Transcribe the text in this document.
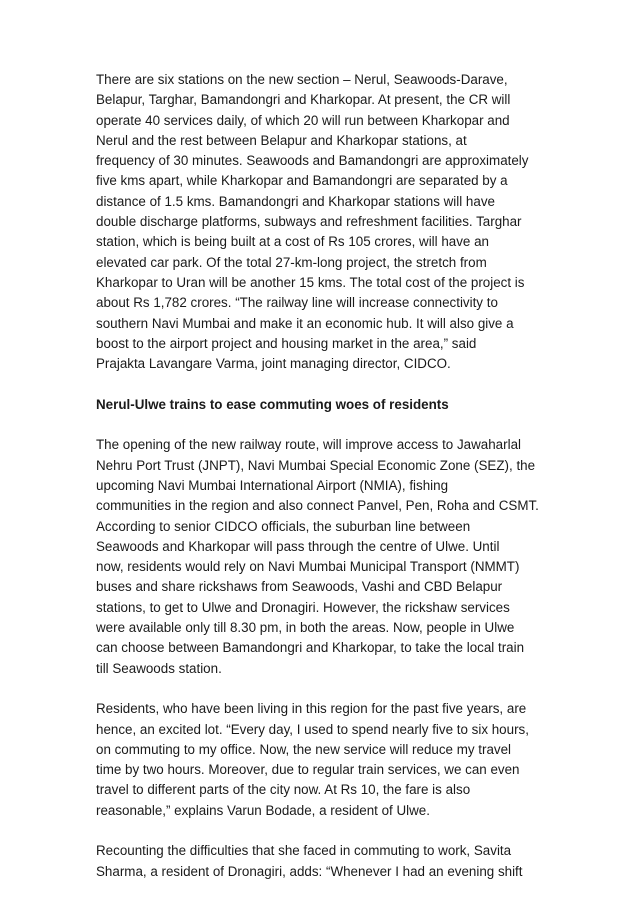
There are six stations on the new section – Nerul, Seawoods-Darave,
Belapur, Targhar, Bamandongri and Kharkopar. At present, the CR will
operate 40 services daily, of which 20 will run between Kharkopar and
Nerul and the rest between Belapur and Kharkopar stations, at
frequency of 30 minutes. Seawoods and Bamandongri are approximately
five kms apart, while Kharkopar and Bamandongri are separated by a
distance of 1.5 kms. Bamandongri and Kharkopar stations will have
double discharge platforms, subways and refreshment facilities. Targhar
station, which is being built at a cost of Rs 105 crores, will have an
elevated car park. Of the total 27-km-long project, the stretch from
Kharkopar to Uran will be another 15 kms. The total cost of the project is
about Rs 1,782 crores. “The railway line will increase connectivity to
southern Navi Mumbai and make it an economic hub. It will also give a
boost to the airport project and housing market in the area,” said
Prajakta Lavangare Varma, joint managing director, CIDCO.
Nerul-Ulwe trains to ease commuting woes of residents
The opening of the new railway route, will improve access to Jawaharlal
Nehru Port Trust (JNPT), Navi Mumbai Special Economic Zone (SEZ), the
upcoming Navi Mumbai International Airport (NMIA), fishing
communities in the region and also connect Panvel, Pen, Roha and CSMT.
According to senior CIDCO officials, the suburban line between
Seawoods and Kharkopar will pass through the centre of Ulwe. Until
now, residents would rely on Navi Mumbai Municipal Transport (NMMT)
buses and share rickshaws from Seawoods, Vashi and CBD Belapur
stations, to get to Ulwe and Dronagiri. However, the rickshaw services
were available only till 8.30 pm, in both the areas. Now, people in Ulwe
can choose between Bamandongri and Kharkopar, to take the local train
till Seawoods station.
Residents, who have been living in this region for the past five years, are
hence, an excited lot. “Every day, I used to spend nearly five to six hours,
on commuting to my office. Now, the new service will reduce my travel
time by two hours. Moreover, due to regular train services, we can even
travel to different parts of the city now. At Rs 10, the fare is also
reasonable,” explains Varun Bodade, a resident of Ulwe.
Recounting the difficulties that she faced in commuting to work, Savita
Sharma, a resident of Dronagiri, adds: “Whenever I had an evening shift
